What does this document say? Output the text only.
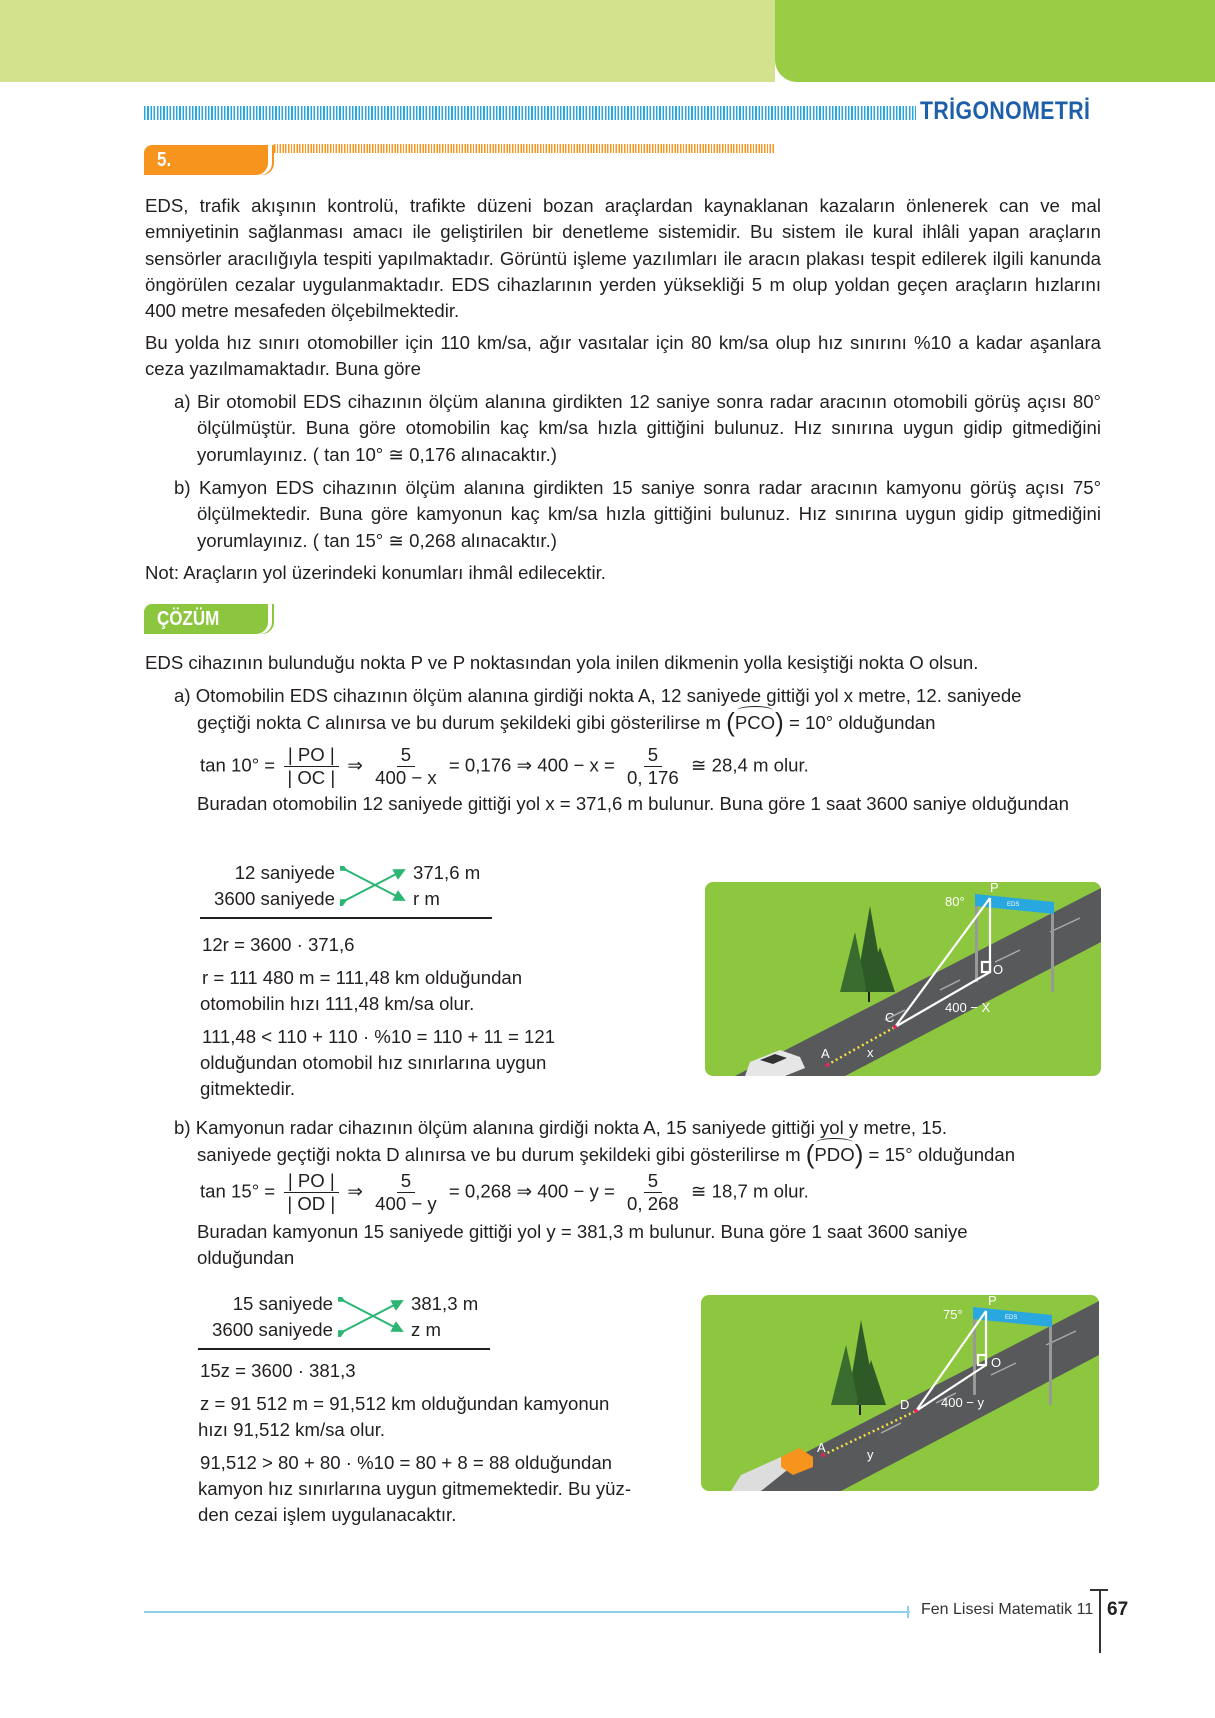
TRİGONOMETRİ
5. ÖRNEK
EDS, trafik akışının kontrolü, trafikte düzeni bozan araçlardan kaynaklanan kazaların önlenerek can ve mal emniyetinin sağlanması amacı ile geliştirilen bir denetleme sistemidir. Bu sistem ile kural ihlâli yapan araçların sensörler aracılığıyla tespiti yapılmaktadır. Görüntü işleme yazılımları ile aracın plakası tespit edilerek ilgili kanunda öngörülen cezalar uygulanmaktadır. EDS cihazlarının yerden yüksekliği 5 m olup yoldan geçen araçların hızlarını 400 metre mesafeden ölçebilmektedir.
Bu yolda hız sınırı otomobiller için 110 km/sa, ağır vasıtalar için 80 km/sa olup hız sınırını %10 a kadar aşanlara ceza yazılmamaktadır. Buna göre
a) Bir otomobil EDS cihazının ölçüm alanına girdikten 12 saniye sonra radar aracının otomobili görüş açısı 80° ölçülmüştür. Buna göre otomobilin kaç km/sa hızla gittiğini bulunuz. Hız sınırına uygun gidip gitmediğini yorumlayınız. ( tan 10° ≅ 0,176 alınacaktır.)
b) Kamyon EDS cihazının ölçüm alanına girdikten 15 saniye sonra radar aracının kamyonu görüş açısı 75° ölçülmektedir. Buna göre kamyonun kaç km/sa hızla gittiğini bulunuz. Hız sınırına uygun gidip gitmediğini yorumlayınız. ( tan 15° ≅ 0,268 alınacaktır.)
Not: Araçların yol üzerindeki konumları ihmâl edilecektir.
ÇÖZÜM
EDS cihazının bulunduğu nokta P ve P noktasından yola inilen dikmenin yolla kesiştiği nokta O olsun.
a) Otomobilin EDS cihazının ölçüm alanına girdiği nokta A, 12 saniyede gittiği yol x metre, 12. saniyede
geçtiği nokta C alınırsa ve bu durum şekildeki gibi gösterilirse m (PCO) = 10° olduğundan
$\tan 10^\circ = \frac{| PO |}{| OC |}$ ⇒ $\frac{5}{400 - x} = 0,176$ ⇒ $400 - x = \frac{5}{0, 176}$ ≅ 28,4 m olur.
Buradan otomobilin 12 saniyede gittiği yol x = 371,6 m bulunur. Buna göre 1 saat 3600 saniye olduğundan
12 saniyede
3600 saniyede
371,6 m
r m
12r = 3600 · 371,6
r = 111 480 m = 111,48 km olduğundan
otomobilin hızı 111,48 km/sa olur.
111,48 < 110 + 110 · %10 = 110 + 11 = 121
olduğundan otomobil hız sınırlarına uygun
gitmektedir.
EDS
P
80°
O
C
A	x
400 − X
b) Kamyonun radar cihazının ölçüm alanına girdiği nokta A, 15 saniyede gittiği yol y metre, 15.
saniyede geçtiği nokta D alınırsa ve bu durum şekildeki gibi gösterilirse m (PDO) = 15° olduğundan
$\tan 15^\circ = \frac{| PO |}{| OD |}$ ⇒ $\frac{5}{400 - y} = 0,268$ ⇒ $400 - y = \frac{5}{0, 268}$ ≅ 18,7 m olur.
Buradan kamyonun 15 saniyede gittiği yol y = 381,3 m bulunur. Buna göre 1 saat 3600 saniye
olduğundan
15 saniyede
3600 saniyede
381,3 m
z m
15z = 3600 · 381,3
z = 91 512 m = 91,512 km olduğundan kamyonun
hızı 91,512 km/sa olur.
91,512 > 80 + 80 · %10 = 80 + 8 = 88 olduğundan
kamyon hız sınırlarına uygun gitmemektedir. Bu yüz-
den cezai işlem uygulanacaktır.
EDS
P
75°
O
D
A	y
400 − y
Fen Lisesi Matematik 11 67
